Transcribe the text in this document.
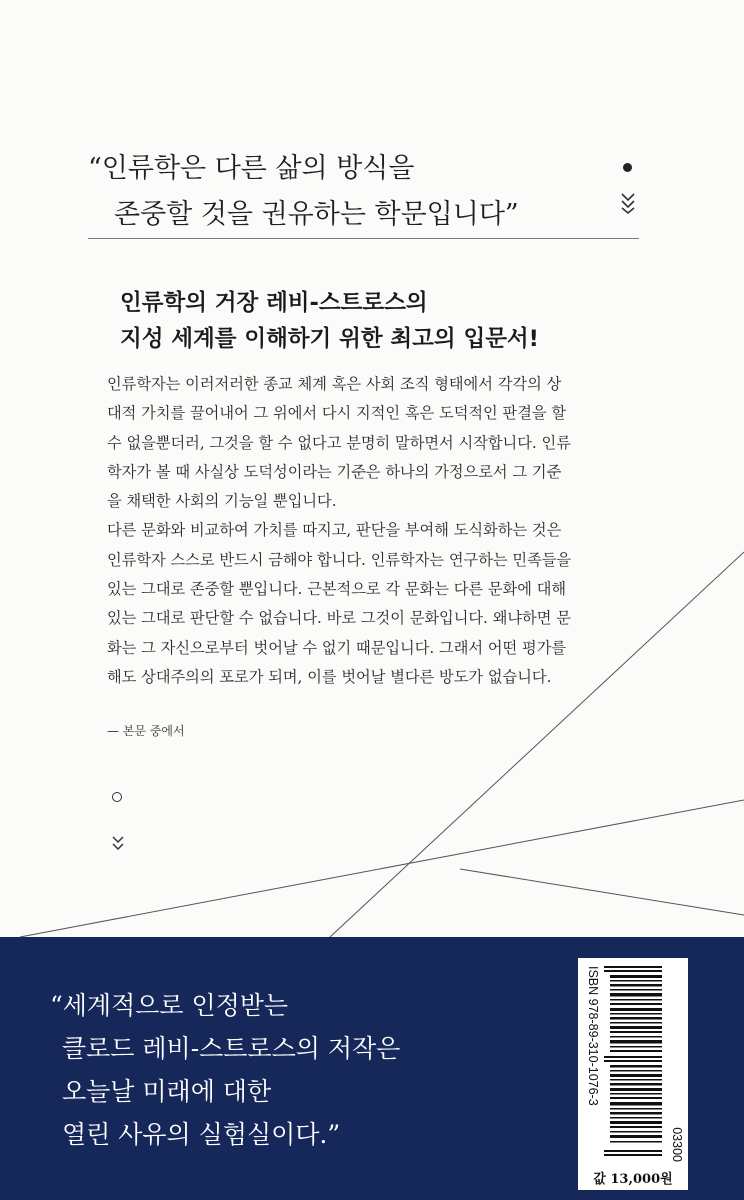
“인류학은 다른 삶의 방식을
존중할 것을 권유하는 학문입니다”
인류학의 거장 레비-스트로스의
지성 세계를 이해하기 위한 최고의 입문서!
인류학자는 이러저러한 종교 체계 혹은 사회 조직 형태에서 각각의 상
대적 가치를 끌어내어 그 위에서 다시 지적인 혹은 도덕적인 판결을 할
수 없을뿐더러, 그것을 할 수 없다고 분명히 말하면서 시작합니다. 인류
학자가 볼 때 사실상 도덕성이라는 기준은 하나의 가정으로서 그 기준
을 채택한 사회의 기능일 뿐입니다.
다른 문화와 비교하여 가치를 따지고, 판단을 부여해 도식화하는 것은
인류학자 스스로 반드시 금해야 합니다. 인류학자는 연구하는 민족들을
있는 그대로 존중할 뿐입니다. 근본적으로 각 문화는 다른 문화에 대해
있는 그대로 판단할 수 없습니다. 바로 그것이 문화입니다. 왜냐하면 문
화는 그 자신으로부터 벗어날 수 없기 때문입니다. 그래서 어떤 평가를
해도 상대주의의 포로가 되며, 이를 벗어날 별다른 방도가 없습니다.
— 본문 중에서
“세계적으로 인정받는
클로드 레비-스트로스의 저작은
오늘날 미래에 대한
열린 사유의 실험실이다.”
ISBN 978-89-310-1076-3
03300
값 13,000원
